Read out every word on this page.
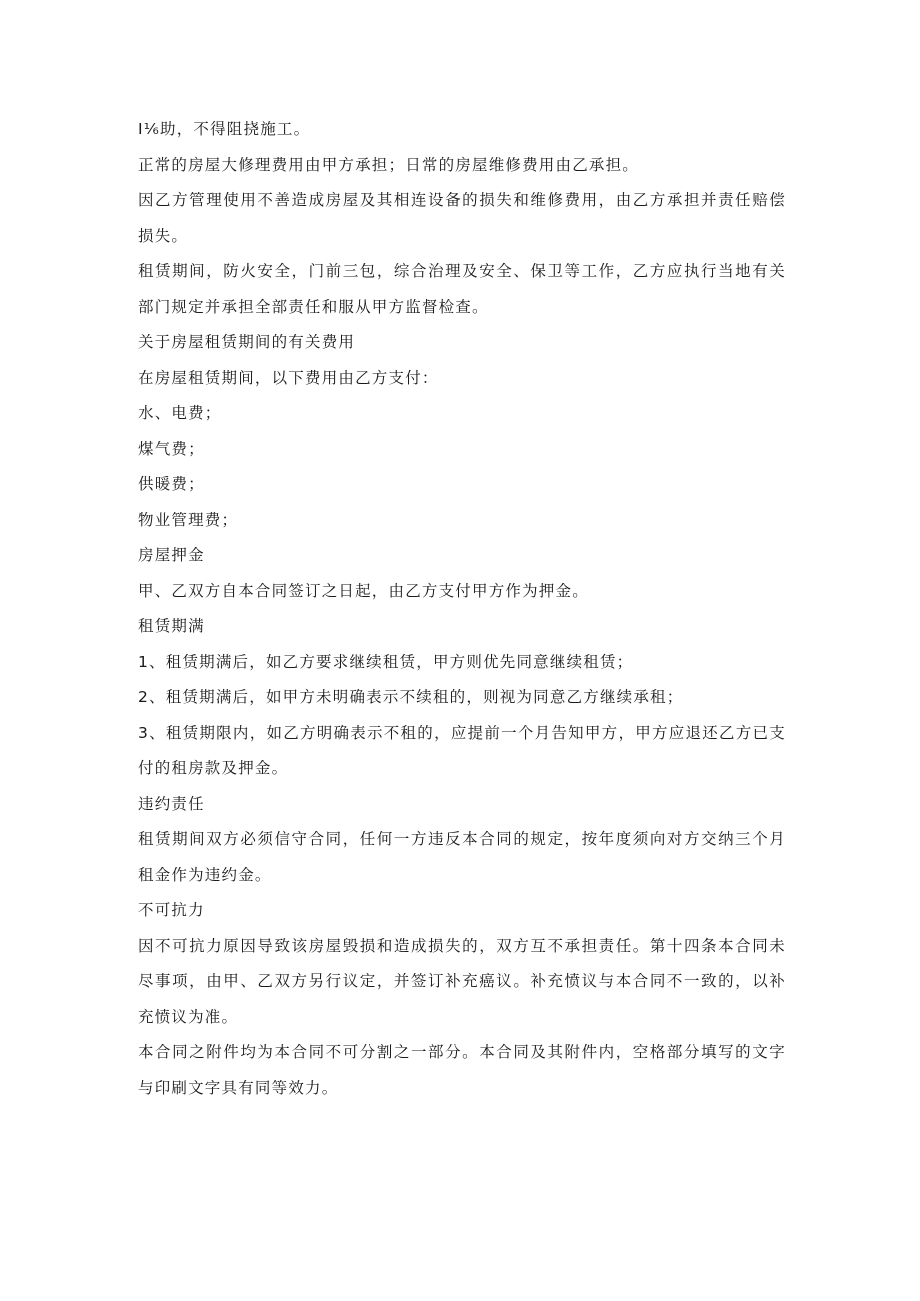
I⅙助，不得阻挠施工。

正常的房屋大修理费用由甲方承担；日常的房屋维修费用由乙承担。

因乙方管理使用不善造成房屋及其相连设备的损失和维修费用，由乙方承担并责任赔偿损失。

租赁期间，防火安全，门前三包，综合治理及安全、保卫等工作，乙方应执行当地有关部门规定并承担全部责任和服从甲方监督检查。

关于房屋租赁期间的有关费用

在房屋租赁期间，以下费用由乙方支付：

水、电费；

煤气费；

供暖费；

物业管理费；

房屋押金

甲、乙双方自本合同签订之日起，由乙方支付甲方作为押金。

租赁期满

1、租赁期满后，如乙方要求继续租赁，甲方则优先同意继续租赁；

2、租赁期满后，如甲方未明确表示不续租的，则视为同意乙方继续承租；

3、租赁期限内，如乙方明确表示不租的，应提前一个月告知甲方，甲方应退还乙方已支付的租房款及押金。

违约责任

租赁期间双方必须信守合同，任何一方违反本合同的规定，按年度须向对方交纳三个月租金作为违约金。

不可抗力

因不可抗力原因导致该房屋毁损和造成损失的，双方互不承担责任。第十四条本合同未尽事项，由甲、乙双方另行议定，并签订补充癌议。补充愤议与本合同不一致的，以补充愤议为准。

本合同之附件均为本合同不可分割之一部分。本合同及其附件内，空格部分填写的文字与印刷文字具有同等效力。
